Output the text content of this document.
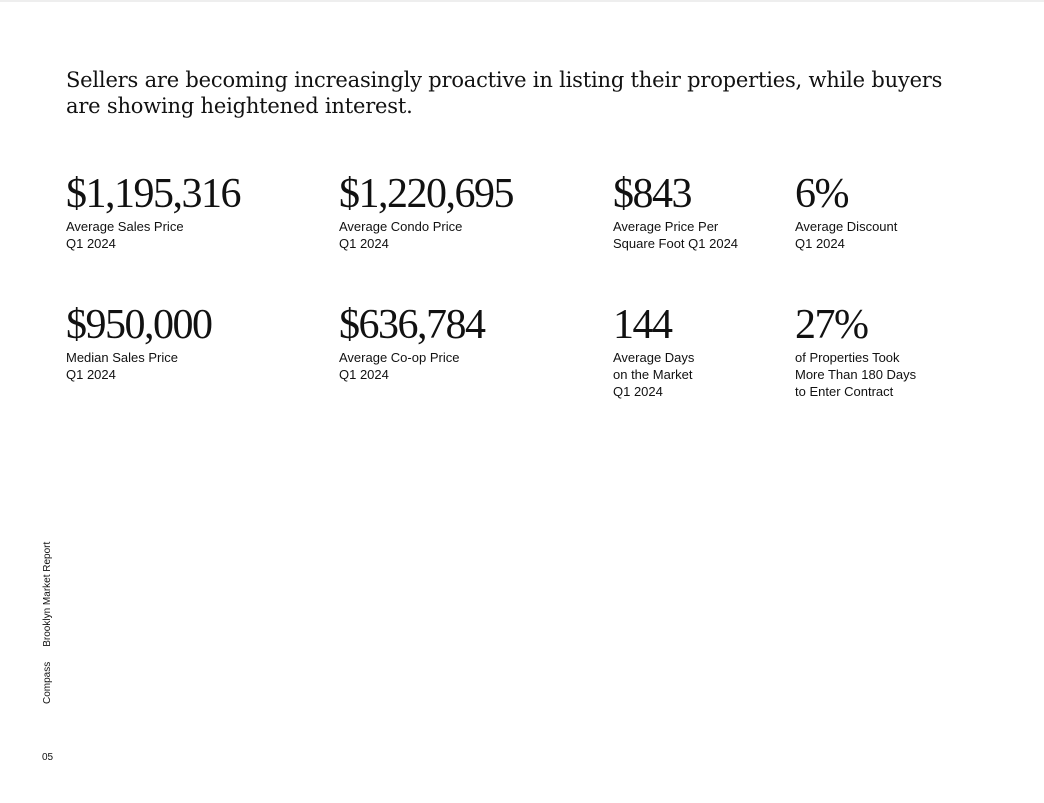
Sellers are becoming increasingly proactive in listing their properties, while buyers are showing heightened interest.

$1,195,316
Average Sales Price
Q1 2024
$1,220,695
Average Condo Price
Q1 2024
$843
Average Price Per
Square Foot Q1 2024
6%
Average Discount
Q1 2024
$950,000
Median Sales Price
Q1 2024
$636,784
Average Co-op Price
Q1 2024
144
Average Days
on the Market
Q1 2024
27%
of Properties Took
More Than 180 Days
to Enter Contract
CompassBrooklyn Market Report
05
